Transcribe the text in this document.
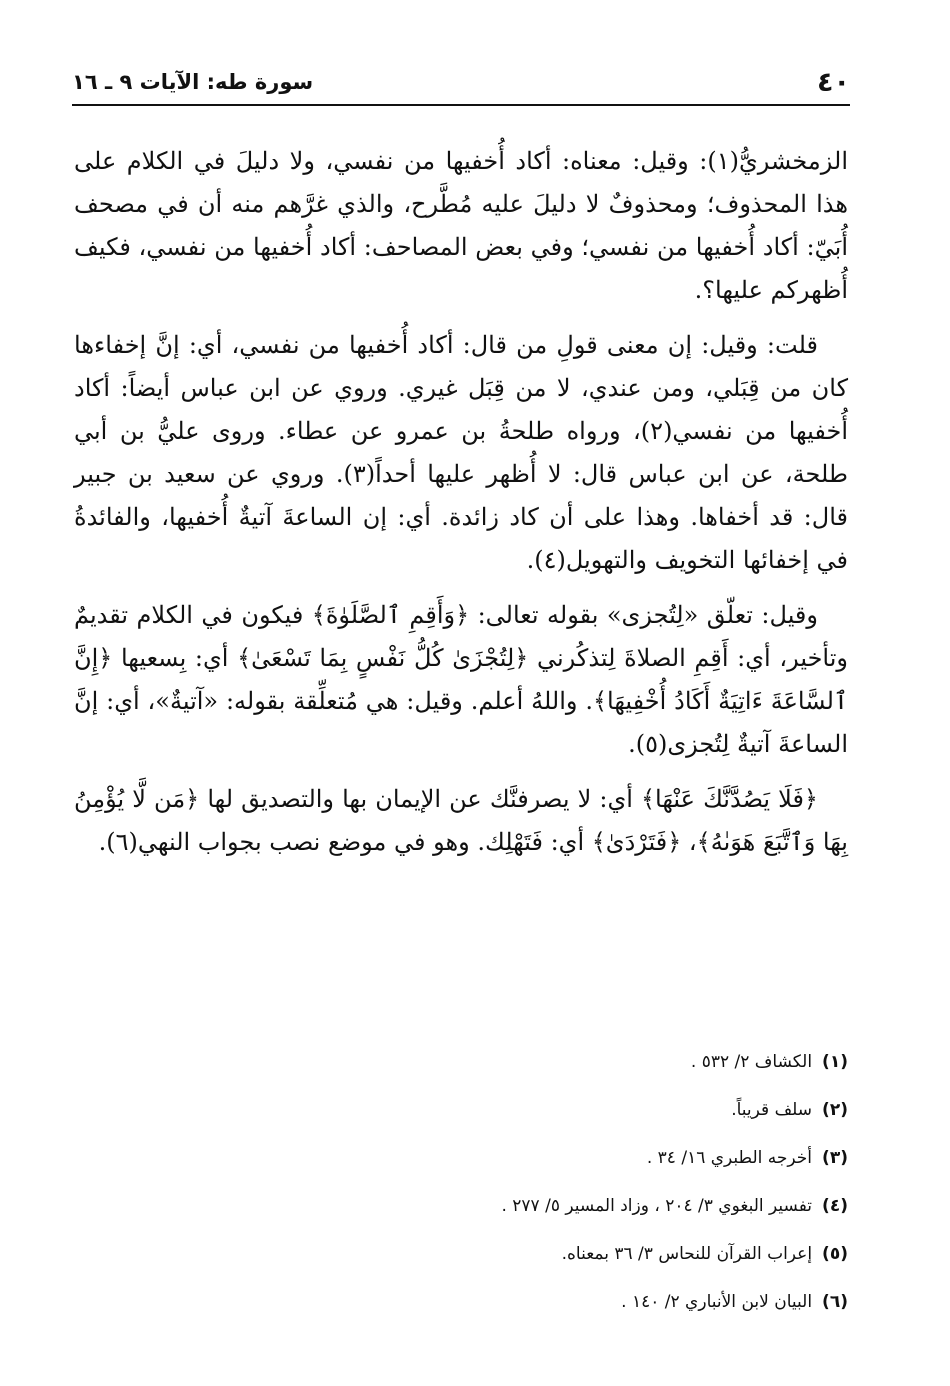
٤٠
سورة طه: الآيات ٩ ـ ١٦

الزمخشريُّ(١): وقيل: معناه: أكاد أُخفيها من نفسي، ولا دليلَ في الكلام على هذا المحذوف؛ ومحذوفٌ لا دليلَ عليه مُطَّرح، والذي غرَّهم منه أن في مصحف أُبَيّ: أكاد أُخفيها من نفسي؛ وفي بعض المصاحف: أكاد أُخفيها من نفسي، فكيف أُظهركم عليها؟.

قلت: وقيل: إن معنى قولِ من قال: أكاد أُخفيها من نفسي، أي: إنَّ إخفاءها كان من قِبَلي، ومن عندي، لا من قِبَل غيري. وروي عن ابن عباس أيضاً: أكاد أُخفيها من نفسي(٢)، ورواه طلحةُ بن عمرو عن عطاء. وروى عليُّ بن أبي طلحة، عن ابن عباس قال: لا أُظهر عليها أحداً(٣). وروي عن سعيد بن جبير قال: قد أخفاها. وهذا على أن كاد زائدة. أي: إن الساعةَ آتيةٌ أُخفيها، والفائدةُ في إخفائها التخويف والتهويل(٤).

وقيل: تعلّق «لِتُجزى» بقوله تعالى: ﴿وَأَقِمِ ٱلصَّلَوٰةَ﴾ فيكون في الكلام تقديمٌ وتأخير، أي: أَقِمِ الصلاةَ لِتذكُرني ﴿لِتُجْزَىٰ كُلُّ نَفْسٍ بِمَا تَسْعَىٰ﴾ أي: بِسعيها ﴿إِنَّ ٱلسَّاعَةَ ءَاتِيَةٌ أَكَادُ أُخْفِيهَا﴾. واللهُ أعلم. وقيل: هي مُتعلِّقة بقوله: «آتيةٌ»، أي: إنَّ الساعةَ آتيةٌ لِتُجزى(٥).

﴿فَلَا يَصُدَّنَّكَ عَنْهَا﴾ أي: لا يصرفنَّك عن الإيمان بها والتصديق لها ﴿مَن لَّا يُؤْمِنُ بِهَا وَٱتَّبَعَ هَوَىٰهُ﴾، ﴿فَتَرْدَىٰ﴾ أي: فَتَهْلِك. وهو في موضع نصب بجواب النهي(٦).

(١)
الكشاف ٢/ ٥٣٢ .
(٢)
سلف قريباً.
(٣)
أخرجه الطبري ١٦/ ٣٤ .
(٤)
تفسير البغوي ٣/ ٢٠٤ ، وزاد المسير ٥/ ٢٧٧ .
(٥)
إعراب القرآن للنحاس ٣/ ٣٦ بمعناه.
(٦)
البيان لابن الأنباري ٢/ ١٤٠ .
